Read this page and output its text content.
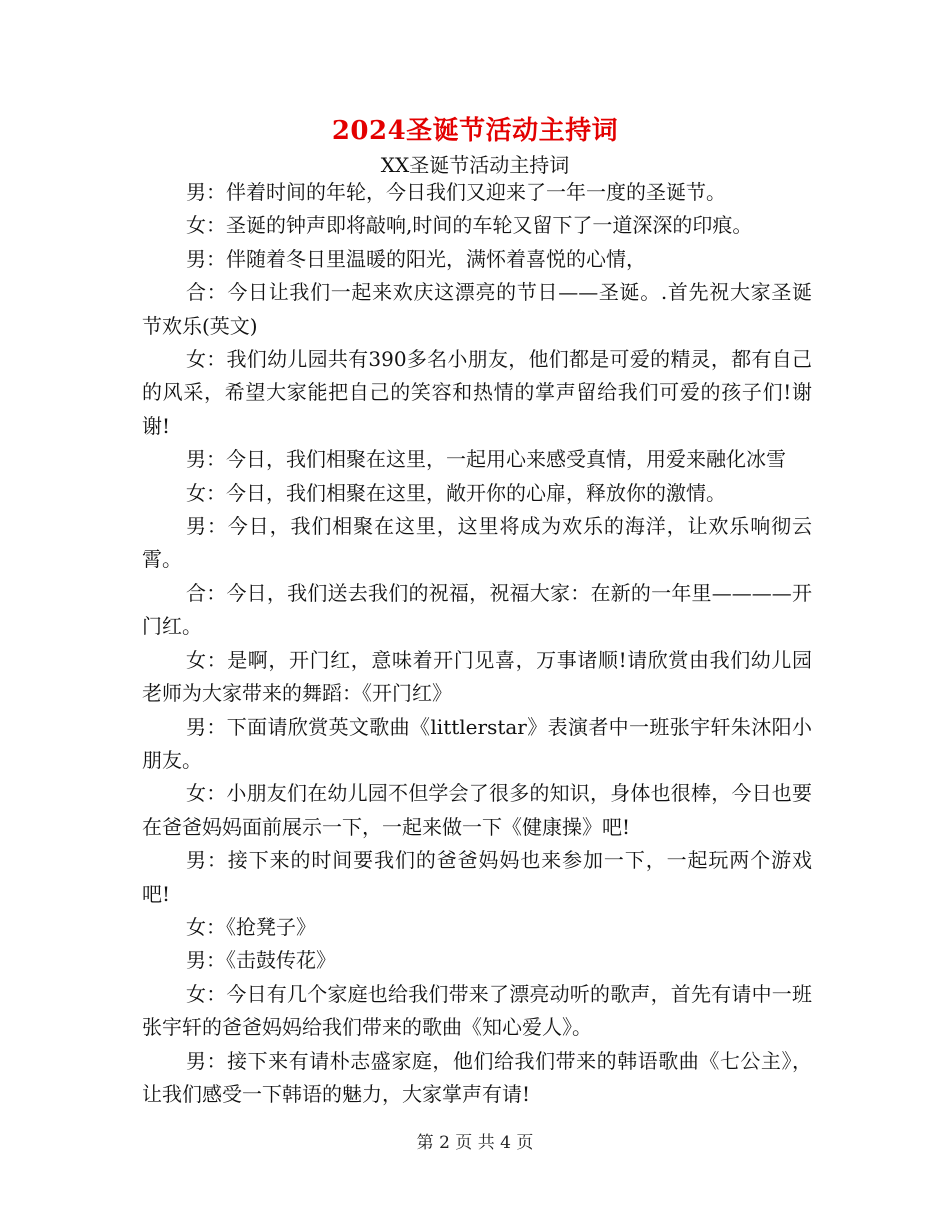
2024圣诞节活动主持词
XX圣诞节活动主持词

男：伴着时间的年轮，今日我们又迎来了一年一度的圣诞节。

女：圣诞的钟声即将敲响,时间的车轮又留下了一道深深的印痕。

男：伴随着冬日里温暖的阳光，满怀着喜悦的心情，

合：今日让我们一起来欢庆这漂亮的节日——圣诞。.首先祝大家圣诞节欢乐(英文)

女：我们幼儿园共有390多名小朋友，他们都是可爱的精灵，都有自己的风采，希望大家能把自己的笑容和热情的掌声留给我们可爱的孩子们!谢谢!

男：今日，我们相聚在这里，一起用心来感受真情，用爱来融化冰雪

女：今日，我们相聚在这里，敞开你的心扉，释放你的激情。

男：今日，我们相聚在这里，这里将成为欢乐的海洋，让欢乐响彻云霄。

合：今日，我们送去我们的祝福，祝福大家：在新的一年里————开门红。

女：是啊，开门红，意味着开门见喜，万事诸顺!请欣赏由我们幼儿园老师为大家带来的舞蹈：《开门红》

男：下面请欣赏英文歌曲《littlerstar》表演者中一班张宇轩朱沐阳小朋友。

女：小朋友们在幼儿园不但学会了很多的知识，身体也很棒，今日也要在爸爸妈妈面前展示一下，一起来做一下《健康操》吧!

男：接下来的时间要我们的爸爸妈妈也来参加一下，一起玩两个游戏吧!

女：《抢凳子》

男：《击鼓传花》

女：今日有几个家庭也给我们带来了漂亮动听的歌声，首先有请中一班张宇轩的爸爸妈妈给我们带来的歌曲《知心爱人》。

男：接下来有请朴志盛家庭，他们给我们带来的韩语歌曲《七公主》，让我们感受一下韩语的魅力，大家掌声有请!

第 2 页 共 4 页
